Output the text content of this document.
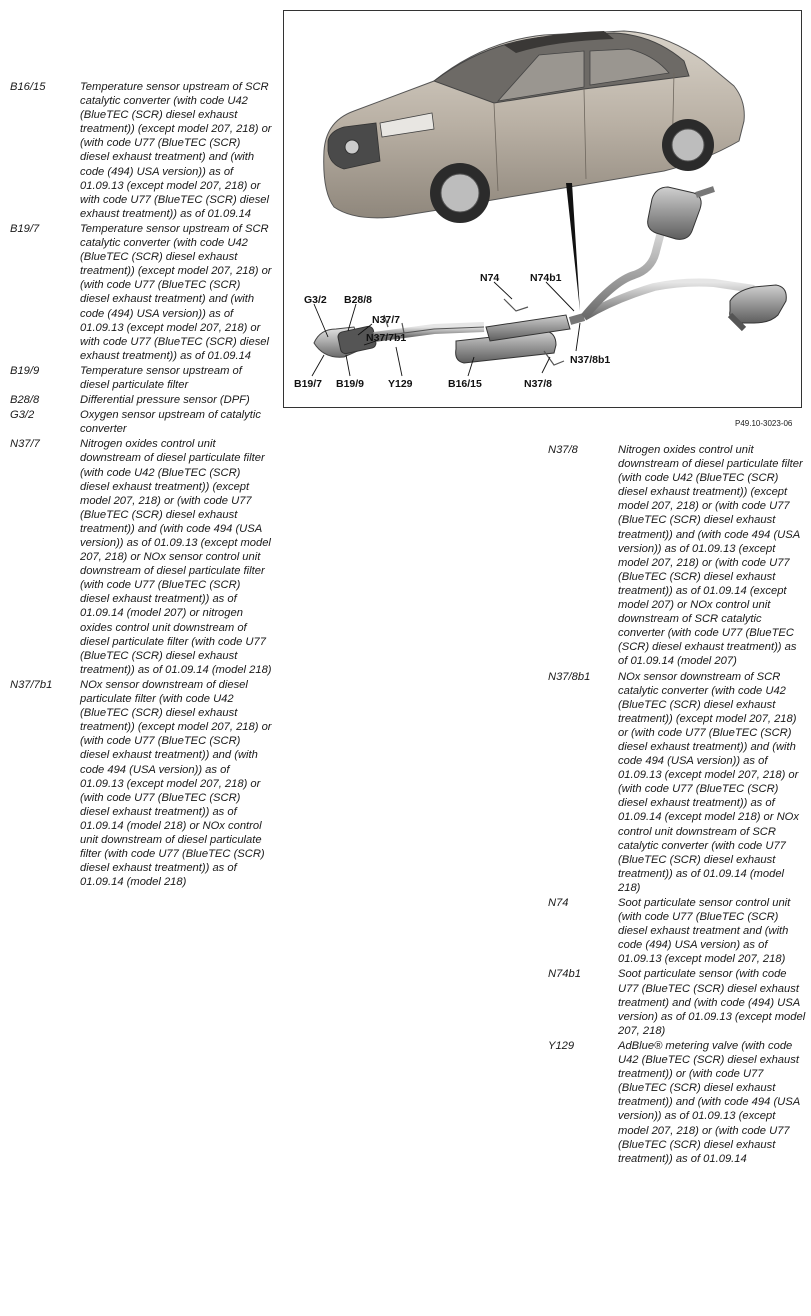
G3/2 B28/8
N37/7
N37/7b1
B19/7 B19/9 Y129	B16/15	N37/8
N37/8b1
N74	N74b1
P49.10-3023-06
B16/15	Temperature sensor upstream of SCR catalytic converter (with code U42 (BlueTEC (SCR) diesel exhaust treatment)) (except model 207, 218) or (with code U77 (BlueTEC (SCR) diesel exhaust treatment) and (with code (494) USA version)) as of 01.09.13 (except model 207, 218) or with code U77 (BlueTEC (SCR) diesel exhaust treatment)) as of 01.09.14
B19/7	Temperature sensor upstream of SCR catalytic converter (with code U42 (BlueTEC (SCR) diesel exhaust treatment)) (except model 207, 218) or (with code U77 (BlueTEC (SCR) diesel exhaust treatment) and (with code (494) USA version)) as of 01.09.13 (except model 207, 218) or with code U77 (BlueTEC (SCR) diesel exhaust treatment)) as of 01.09.14
B19/9	Temperature sensor upstream of diesel particulate filter
B28/8	Differential pressure sensor (DPF)
G3/2	Oxygen sensor upstream of catalytic converter
N37/7	Nitrogen oxides control unit downstream of diesel particulate filter (with code U42 (BlueTEC (SCR) diesel exhaust treatment)) (except model 207, 218) or (with code U77 (BlueTEC (SCR) diesel exhaust treatment)) and (with code 494 (USA version)) as of 01.09.13 (except model 207, 218) or NOx sensor control unit downstream of diesel particulate filter (with code U77 (BlueTEC (SCR) diesel exhaust treatment)) as of 01.09.14 (model 207) or nitrogen oxides control unit downstream of diesel particulate filter (with code U77 (BlueTEC (SCR) diesel exhaust treatment)) as of 01.09.14 (model 218)
N37/7b1	NOx sensor downstream of diesel particulate filter (with code U42 (BlueTEC (SCR) diesel exhaust treatment)) (except model 207, 218) or (with code U77 (BlueTEC (SCR) diesel exhaust treatment)) and (with code 494 (USA version)) as of 01.09.13 (except model 207, 218) or (with code U77 (BlueTEC (SCR) diesel exhaust treatment)) as of 01.09.14 (model 218) or NOx control unit downstream of diesel particulate filter (with code U77 (BlueTEC (SCR) diesel exhaust treatment)) as of 01.09.14 (model 218)
N37/8	Nitrogen oxides control unit downstream of diesel particulate filter (with code U42 (BlueTEC (SCR) diesel exhaust treatment)) (except model 207, 218) or (with code U77 (BlueTEC (SCR) diesel exhaust treatment)) and (with code 494 (USA version)) as of 01.09.13 (except model 207, 218) or (with code U77 (BlueTEC (SCR) diesel exhaust treatment)) as of 01.09.14 (except model 207) or NOx control unit downstream of SCR catalytic converter (with code U77 (BlueTEC (SCR) diesel exhaust treatment)) as of 01.09.14 (model 207)
N37/8b1	NOx sensor downstream of SCR catalytic converter (with code U42 (BlueTEC (SCR) diesel exhaust treatment)) (except model 207, 218) or (with code U77 (BlueTEC (SCR) diesel exhaust treatment)) and (with code 494 (USA version)) as of 01.09.13 (except model 207, 218) or (with code U77 (BlueTEC (SCR) diesel exhaust treatment)) as of 01.09.14 (except model 218) or NOx control unit downstream of SCR catalytic converter (with code U77 (BlueTEC (SCR) diesel exhaust treatment)) as of 01.09.14 (model 218)
N74	Soot particulate sensor control unit (with code U77 (BlueTEC (SCR) diesel exhaust treatment and (with code (494) USA version) as of 01.09.13 (except model 207, 218)
N74b1	Soot particulate sensor (with code U77 (BlueTEC (SCR) diesel exhaust treatment) and (with code (494) USA version) as of 01.09.13 (except model 207, 218)
Y129	AdBlue® metering valve (with code U42 (BlueTEC (SCR) diesel exhaust treatment)) or (with code U77 (BlueTEC (SCR) diesel exhaust treatment)) and (with code 494 (USA version)) as of 01.09.13 (except model 207, 218) or (with code U77 (BlueTEC (SCR) diesel exhaust treatment)) as of 01.09.14
